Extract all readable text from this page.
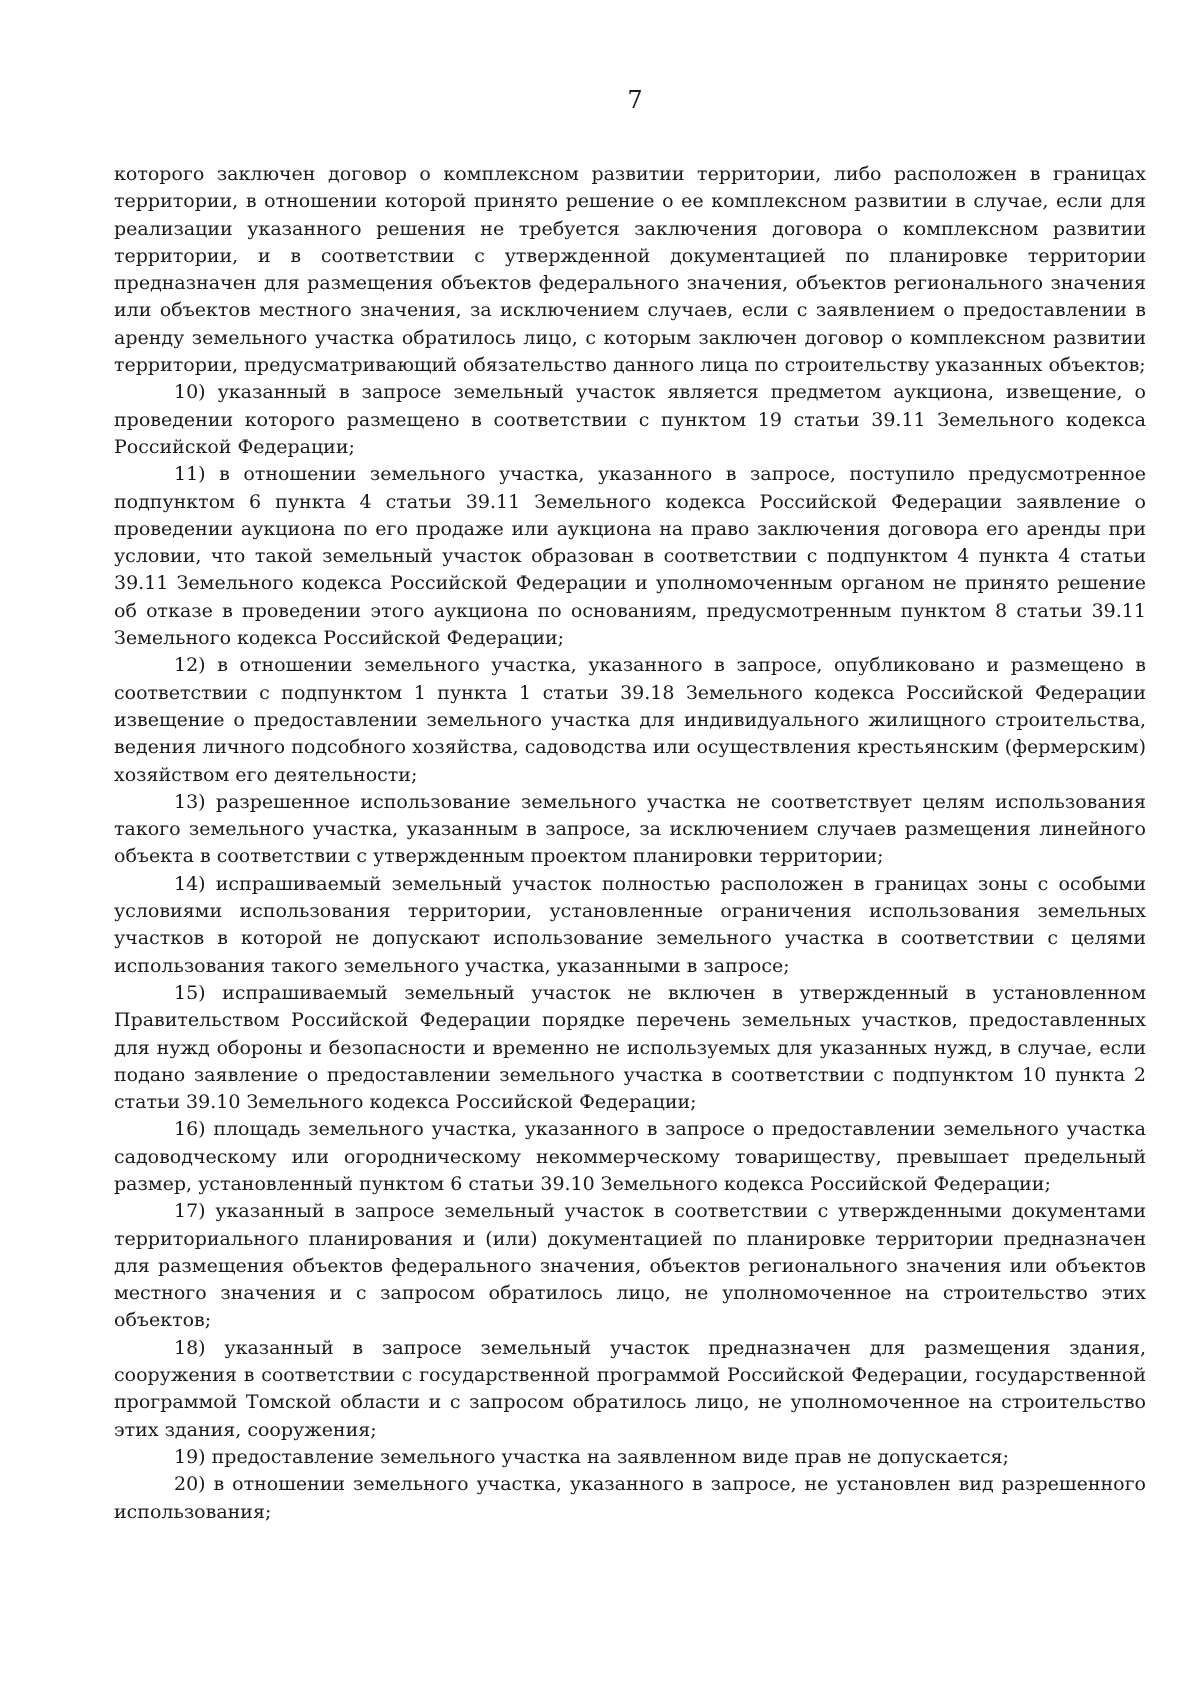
7

которого заключен договор о комплексном развитии территории, либо расположен в границах территории, в отношении которой принято решение о ее комплексном развитии в случае, если для реализации указанного решения не требуется заключения договора о комплексном развитии территории, и в соответствии с утвержденной документацией по планировке территории предназначен для размещения объектов федерального значения, объектов регионального значения или объектов местного значения, за исключением случаев, если с заявлением о предоставлении в аренду земельного участка обратилось лицо, с которым заключен договор о комплексном развитии территории, предусматривающий обязательство данного лица по строительству указанных объектов;

10) указанный в запросе земельный участок является предметом аукциона, извещение, о проведении которого размещено в соответствии с пунктом 19 статьи 39.11 Земельного кодекса Российской Федерации;

11) в отношении земельного участка, указанного в запросе, поступило предусмотренное подпунктом 6 пункта 4 статьи 39.11 Земельного кодекса Российской Федерации заявление о проведении аукциона по его продаже или аукциона на право заключения договора его аренды при условии, что такой земельный участок образован в соответствии с подпунктом 4 пункта 4 статьи 39.11 Земельного кодекса Российской Федерации и уполномоченным органом не принято решение об отказе в проведении этого аукциона по основаниям, предусмотренным пунктом 8 статьи 39.11 Земельного кодекса Российской Федерации;

12) в отношении земельного участка, указанного в запросе, опубликовано и размещено в соответствии с подпунктом 1 пункта 1 статьи 39.18 Земельного кодекса Российской Федерации извещение о предоставлении земельного участка для индивидуального жилищного строительства, ведения личного подсобного хозяйства, садоводства или осуществления крестьянским (фермерским) хозяйством его деятельности;

13) разрешенное использование земельного участка не соответствует целям использования такого земельного участка, указанным в запросе, за исключением случаев размещения линейного объекта в соответствии с утвержденным проектом планировки территории;

14) испрашиваемый земельный участок полностью расположен в границах зоны с особыми условиями использования территории, установленные ограничения использования земельных участков в которой не допускают использование земельного участка в соответствии с целями использования такого земельного участка, указанными в запросе;

15) испрашиваемый земельный участок не включен в утвержденный в установленном Правительством Российской Федерации порядке перечень земельных участков, предоставленных для нужд обороны и безопасности и временно не используемых для указанных нужд, в случае, если подано заявление о предоставлении земельного участка в соответствии с подпунктом 10 пункта 2 статьи 39.10 Земельного кодекса Российской Федерации;

16) площадь земельного участка, указанного в запросе о предоставлении земельного участка садоводческому или огородническому некоммерческому товариществу, превышает предельный размер, установленный пунктом 6 статьи 39.10 Земельного кодекса Российской Федерации;

17) указанный в запросе земельный участок в соответствии с утвержденными документами территориального планирования и (или) документацией по планировке территории предназначен для размещения объектов федерального значения, объектов регионального значения или объектов местного значения и с запросом обратилось лицо, не уполномоченное на строительство этих объектов;

18) указанный в запросе земельный участок предназначен для размещения здания, сооружения в соответствии с государственной программой Российской Федерации, государственной программой Томской области и с запросом обратилось лицо, не уполномоченное на строительство этих здания, сооружения;

19) предоставление земельного участка на заявленном виде прав не допускается;

20) в отношении земельного участка, указанного в запросе, не установлен вид разрешенного использования;
